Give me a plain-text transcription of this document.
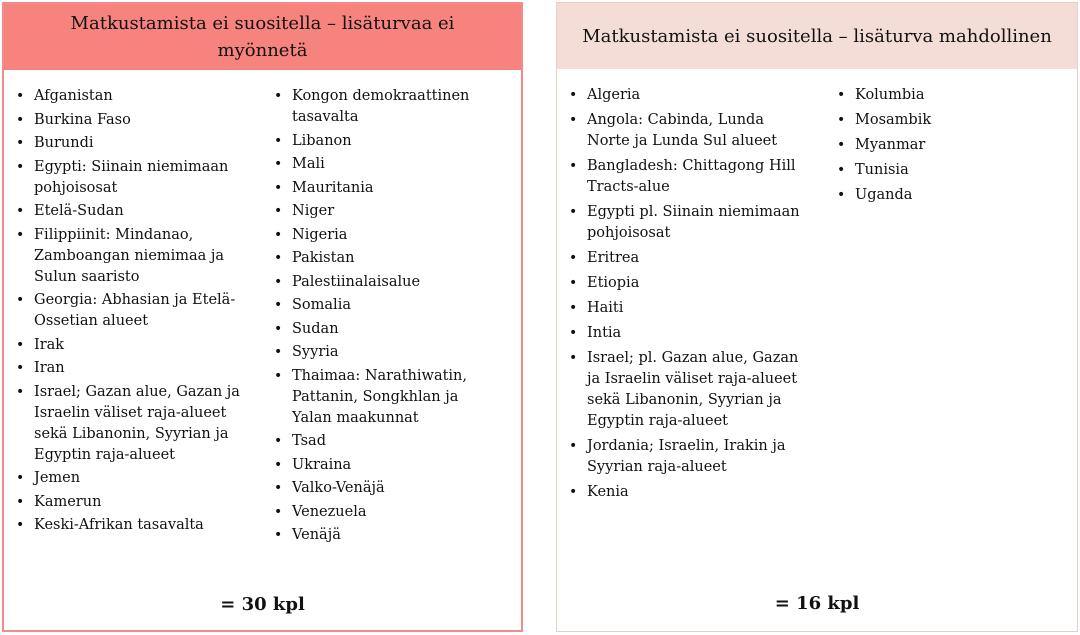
Matkustamista ei suositella – lisäturvaa ei myönnetä
• Afganistan
• Burkina Faso
• Burundi
• Egypti: Siinain niemimaan pohjoisosat
• Etelä-Sudan
• Filippiinit: Mindanao, Zamboangan niemimaa ja Sulun saaristo
• Georgia: Abhasian ja Etelä-Ossetian alueet
• Irak
• Iran
• Israel; Gazan alue, Gazan ja Israelin väliset raja-alueet sekä Libanonin, Syyrian ja Egyptin raja-alueet
• Jemen
• Kamerun
• Keski-Afrikan tasavalta
• Kongon demokraattinen tasavalta
• Libanon
• Mali
• Mauritania
• Niger
• Nigeria
• Pakistan
• Palestiinalaisalue
• Somalia
• Sudan
• Syyria
• Thaimaa: Narathiwatin, Pattanin, Songkhlan ja Yalan maakunnat
• Tsad
• Ukraina
• Valko-Venäjä
• Venezuela
• Venäjä
= 30 kpl
Matkustamista ei suositella – lisäturva mahdollinen
• Algeria
• Angola: Cabinda, Lunda Norte ja Lunda Sul alueet
• Bangladesh: Chittagong Hill Tracts-alue
• Egypti pl. Siinain niemimaan pohjoisosat
• Eritrea
• Etiopia
• Haiti
• Intia
• Israel; pl. Gazan alue, Gazan ja Israelin väliset raja-alueet sekä Libanonin, Syyrian ja Egyptin raja-alueet
• Jordania; Israelin, Irakin ja Syyrian raja-alueet
• Kenia
• Kolumbia
• Mosambik
• Myanmar
• Tunisia
• Uganda
= 16 kpl
